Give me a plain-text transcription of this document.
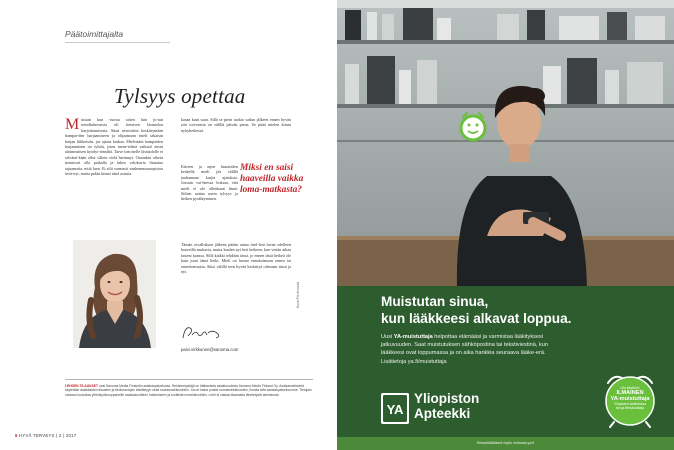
Päätoimittajalta
Tylsyys opettaa
M uistan kun vuosia sitten luin ju-tun mindfulnessista eli tietoisen läsnäolon harjoittamisesta. Siinä neuvottiin keskittymään hampai-den harjaamiseen ja ohjaamaan mielt takaisin harjan liikkeisiin, jos ajatus karkaa. Mielestäni hampaiden harjaaminen on tylsää, joten mene-telmä vaikutti ensin äärimmäisen hyödyt-tömältä. Tarve tietoiselle läsnäololle ei selvästi-kään ollut silloin vielä herännyt. Osaankin oikein mainiosti olla paikalla ja lukea valokuvia iltasatua tajuamatta, mitä luen. Et silti varmasti vanhemmuusopistoa tietä-nyt, mutta pidän kiinni tästä asiasta.
kasan kuin saan. Sillä se pieni tuokio sadun jälkeen ennen hyvän yön toivotusta on välillä päivän paras. Se pitää mielen kiinni nykyhetkessä.
Kiireen ja arjen haasteiden keskellä mieli jää välillä jauhamaan kurjia ajatuksia. Jossain vai-heessa hoksaa, että mieli ei ole ollenkaan läsnä. Siihen auttaa usein tylsyys ja hetken pysähtyminen.
Miksi en saisi haaveilla vaikka loma-matkasta?
Tämän oivalluksen jälkeen päätin antaa itsel-leni luvan edelleen haaveilla mukavia, mutta kuulen nyt heti hetkeen, kun vietän aikaa lasteni kanssa. Sillä kaikki tehdään tässä, jo ennen tästä hetkeä ole kuin juuri tämä hetki. Mieli on huono ennakoimaan onnea tai onnettomuutta. Siksi välillä teen hyvää keskittyä olemaan tässä ja nyt.
Kuva Pia Arnould
paivi.virkkunen@sanoma.com
LEHDEN TILAUKSET ovat Sanoma Media Finlandin asiakaspalvelussa. Rekisterinpitäjä on tilattavasta asiakkuudesta Sanoma Media Finland Oy. Asiakasrekisteriä käytetään asiakkaiden tilausten ja tiedonantojen käsittelyyn sekä suoramarkkinointiin. Jos et halua postisi suoramarkkinointiin, ilmoita siitä asiakaspalveluumme. Tietojasi voidaan luovuttaa yhteistyökumppaneille asiakassuhteen hoitamiseen ja tuotteiden markkinointiin. Lehti ei vastaa tilaamatta lähetetystä aineistosta.
6 HYVÄ TERVEYS | 2 | 2017
Muistutan sinua,
kun lääkkeesi alkavat loppua.
Uusi YA-muistuttaja helpottaa elämääsi ja varmistaa lääkityksesi
jatkuvuuden. Saat muistutuksen sähköpostina tai tekstiviestinä, kun
lääkkeesi ovat loppumassa ja on aika hankkia seuraava lääke-erä.
Lisätietoja ya.fi/muistuttaja
YA
Yliopiston
Apteekki
Ota käyttöön
ILMAINEN
YA-muistuttaja
Yliopiston Apteekissa
tai ya.fi/muistuttaja
Reseptilääkkeet myös verkosta ya.fi
